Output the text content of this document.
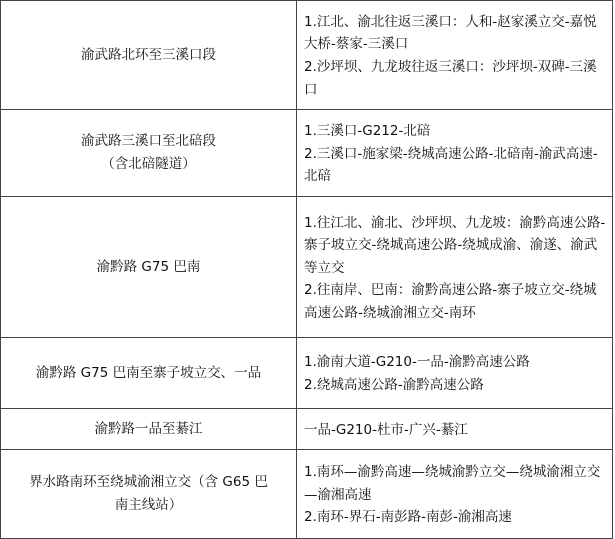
渝武路北环至三溪口段	1.江北、渝北往返三溪口：人和-赵家溪立交-嘉悦大桥-蔡家-三溪口
2.沙坪坝、九龙坡往返三溪口：沙坪坝-双碑-三溪口

渝武路三溪口至北碚段
（含北碚隧道）	1.三溪口-G212-北碚
2.三溪口-施家梁-绕城高速公路-北碚南-渝武高速-北碚

渝黔路 G75 巴南	1.往江北、渝北、沙坪坝、九龙坡：渝黔高速公路-寨子坡立交-绕城高速公路-绕城成渝、渝遂、渝武等立交
2.往南岸、巴南：渝黔高速公路-寨子坡立交-绕城高速公路-绕城渝湘立交-南环

渝黔路 G75 巴南至寨子坡立交、一品	1.渝南大道-G210-一品-渝黔高速公路
2.绕城高速公路-渝黔高速公路

渝黔路一品至綦江	一品-G210-杜市-广兴-綦江

界水路南环至绕城渝湘立交（含 G65 巴
南主线站）	1.南环—渝黔高速—绕城渝黔立交—绕城渝湘立交—渝湘高速
2.南环-界石-南彭路-南彭-渝湘高速
